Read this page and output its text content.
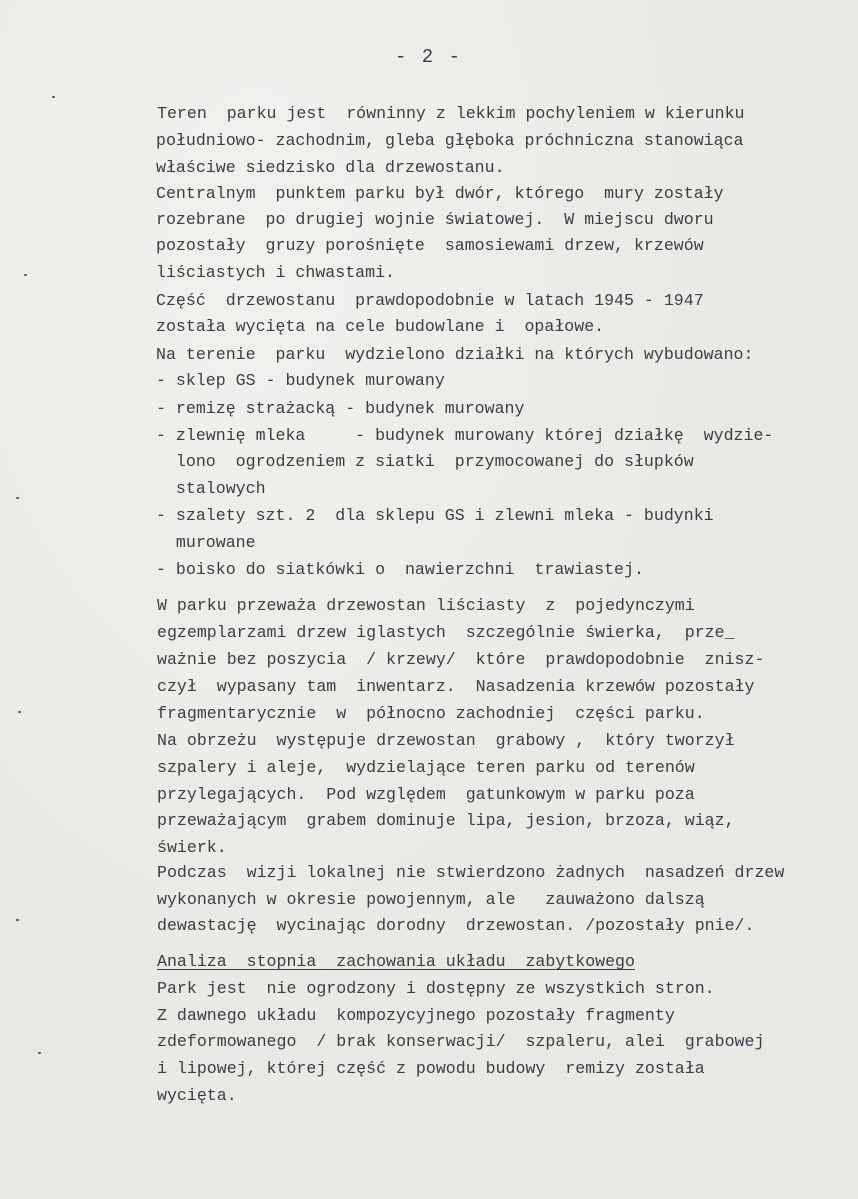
- 2 -
Teren  parku jest  równinny z lekkim pochyleniem w kierunku
południowo- zachodnim, gleba głęboka próchniczna stanowiąca
właściwe siedzisko dla drzewostanu.
Centralnym  punktem parku był dwór, którego  mury zostały
rozebrane  po drugiej wojnie światowej.  W miejscu dworu
pozostały  gruzy porośnięte  samosiewami drzew, krzewów
liściastych i chwastami.
Część  drzewostanu  prawdopodobnie w latach 1945 - 1947
została wycięta na cele budowlane i  opałowe.
Na terenie  parku  wydzielono działki na których wybudowano:
- sklep GS - budynek murowany
- remizę strażacką - budynek murowany
- zlewnię mleka     - budynek murowany której działkę  wydzie-
lono  ogrodzeniem z siatki  przymocowanej do słupków
stalowych
- szalety szt. 2  dla sklepu GS i zlewni mleka - budynki
murowane
- boisko do siatkówki o  nawierzchni  trawiastej.
W parku przeważa drzewostan liściasty  z  pojedynczymi
egzemplarzami drzew iglastych  szczególnie świerka,  prze_
ważnie bez poszycia  / krzewy/  które  prawdopodobnie  znisz-
czył  wypasany tam  inwentarz.  Nasadzenia krzewów pozostały
fragmentarycznie  w  północno zachodniej  części parku.
Na obrzeżu  występuje drzewostan  grabowy ,  który tworzył
szpalery i aleje,  wydzielające teren parku od terenów
przylegających.  Pod względem  gatunkowym w parku poza
przeważającym  grabem dominuje lipa, jesion, brzoza, wiąz,
świerk.
Podczas  wizji lokalnej nie stwierdzono żadnych  nasadzeń drzew
wykonanych w okresie powojennym, ale   zauważono dalszą
dewastację  wycinając dorodny  drzewostan. /pozostały pnie/.
Analiza  stopnia  zachowania układu  zabytkowego
Park jest  nie ogrodzony i dostępny ze wszystkich stron.
Z dawnego układu  kompozycyjnego pozostały fragmenty
zdeformowanego  / brak konserwacji/  szpaleru, alei  grabowej
i lipowej, której część z powodu budowy  remizy została
wycięta.
